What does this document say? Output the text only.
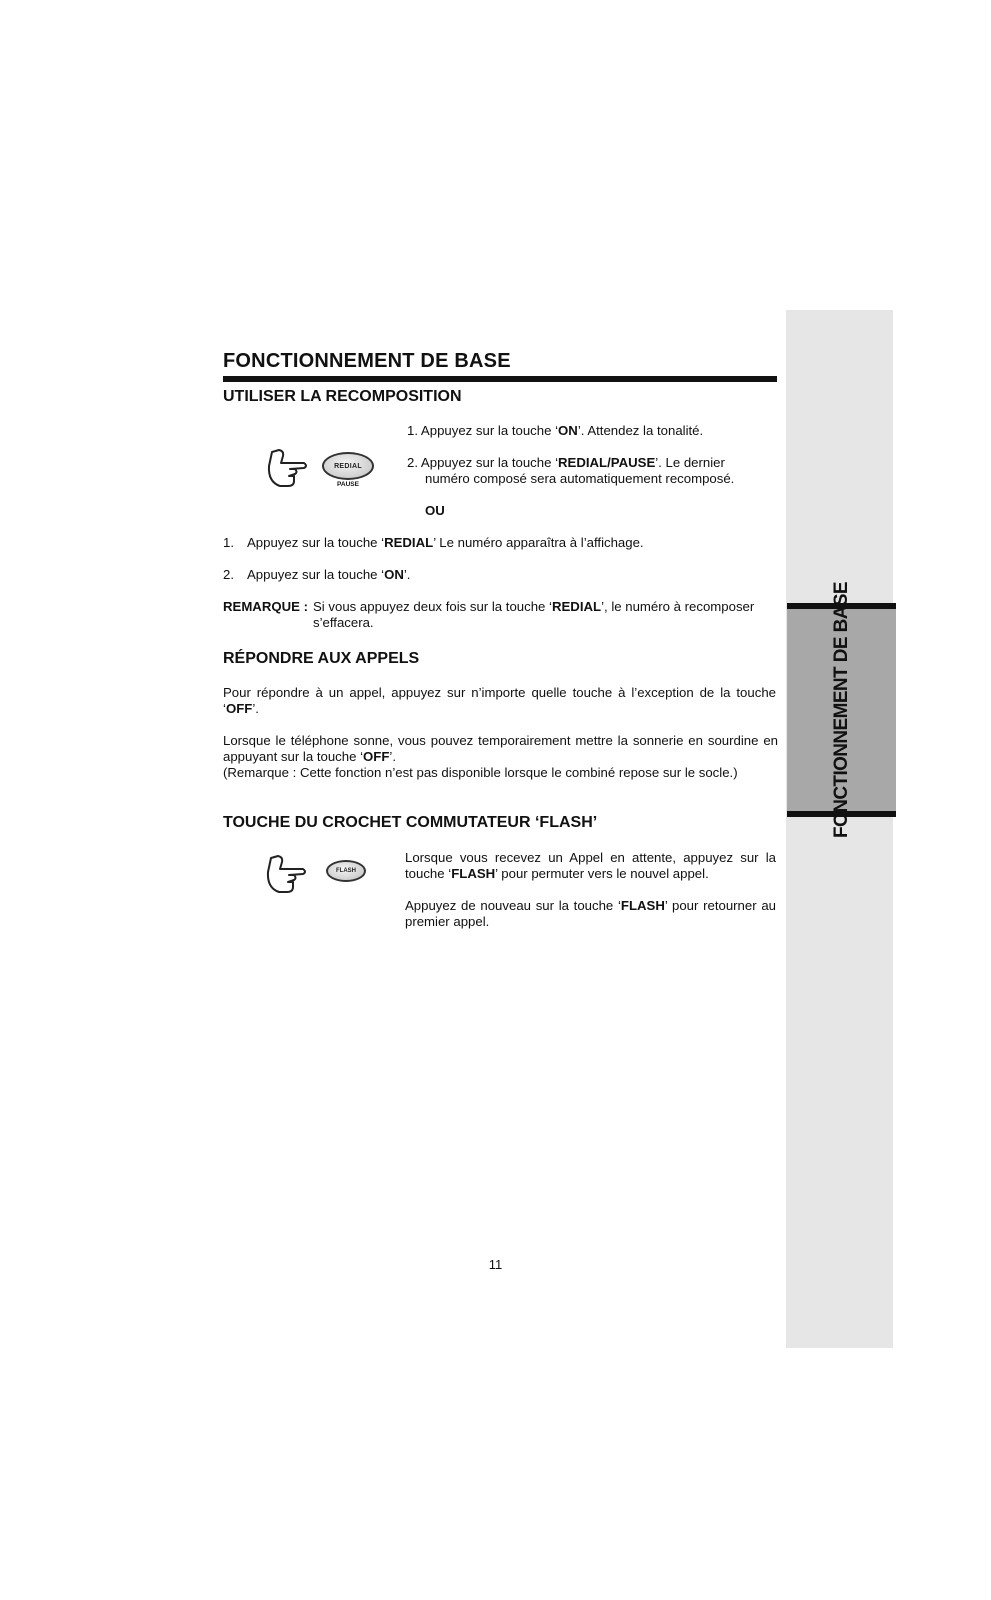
FONCTIONNEMENT DE BASE
FONCTIONNEMENT DE BASE
UTILISER LA RECOMPOSITION
REDIAL
PAUSE
1. Appuyez sur la touche ‘ON’. Attendez la tonalité.
2. Appuyez sur la touche ‘REDIAL/PAUSE’. Le dernier
numéro composé sera automatiquement recomposé.
OU
1. Appuyez sur la touche ‘REDIAL’ Le numéro apparaîtra à l’affichage.
2. Appuyez sur la touche ‘ON’.
REMARQUE : Si vous appuyez deux fois sur la touche ‘REDIAL’, le numéro à recomposer
s’effacera.
RÉPONDRE AUX APPELS
Pour répondre à un appel, appuyez sur n’importe quelle touche à l’exception de la touche ‘OFF’.
Lorsque le téléphone sonne, vous pouvez temporairement mettre la sonnerie en sourdine en appuyant sur la touche ‘OFF’.
(Remarque : Cette fonction n’est pas disponible lorsque le combiné repose sur le socle.)
TOUCHE DU CROCHET COMMUTATEUR ‘FLASH’
FLASH
Lorsque vous recevez un Appel en attente, appuyez sur la touche ‘FLASH’ pour permuter vers le nouvel appel.
Appuyez de nouveau sur la touche ‘FLASH’ pour retourner au premier appel.
11
